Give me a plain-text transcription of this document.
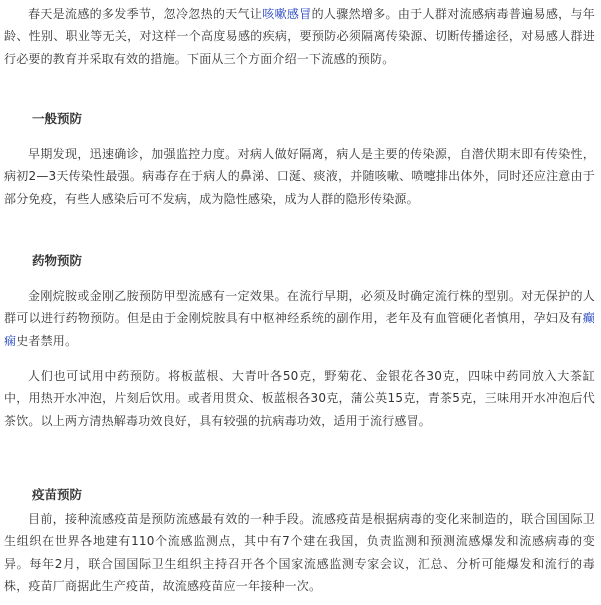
春天是流感的多发季节，忽冷忽热的天气让咳嗽感冒的人骤然增多。由于人群对流感病毒普遍易感，与年龄、性别、职业等无关，对这样一个高度易感的疾病，要预防必须隔离传染源、切断传播途径，对易感人群进行必要的教育并采取有效的措施。下面从三个方面介绍一下流感的预防。

一般预防

早期发现，迅速确诊，加强监控力度。对病人做好隔离，病人是主要的传染源，自潜伏期末即有传染性， 病初2—3天传染性最强。病毒存在于病人的鼻涕、口涎、痰液，并随咳嗽、喷嚏排出体外，同时还应注意由于部分免疫，有些人感染后可不发病，成为隐性感染，成为人群的隐形传染源。

药物预防

金刚烷胺或金刚乙胺预防甲型流感有一定效果。在流行早期，必须及时确定流行株的型别。对无保护的人群可以进行药物预防。但是由于金刚烷胺具有中枢神经系统的副作用，老年及有血管硬化者慎用，孕妇及有癫痫史者禁用。

人们也可试用中药预防。将板蓝根、大青叶各50克，野菊花、金银花各30克，四味中药同放入大茶缸中，用热开水冲泡，片刻后饮用。或者用贯众、板蓝根各30克，蒲公英15克，青茶5克，三味用开水冲泡后代茶饮。以上两方清热解毒功效良好，具有较强的抗病毒功效，适用于流行感冒。

疫苗预防

目前，接种流感疫苗是预防流感最有效的一种手段。流感疫苗是根据病毒的变化来制造的，联合国国际卫生组织在世界各地建有110个流感监测点，其中有7个建在我国，负责监测和预测流感爆发和流感病毒的变异。每年2月，联合国国际卫生组织主持召开各个国家流感监测专家会议，汇总、分析可能爆发和流行的毒株，疫苗厂商据此生产疫苗，故流感疫苗应一年接种一次。
